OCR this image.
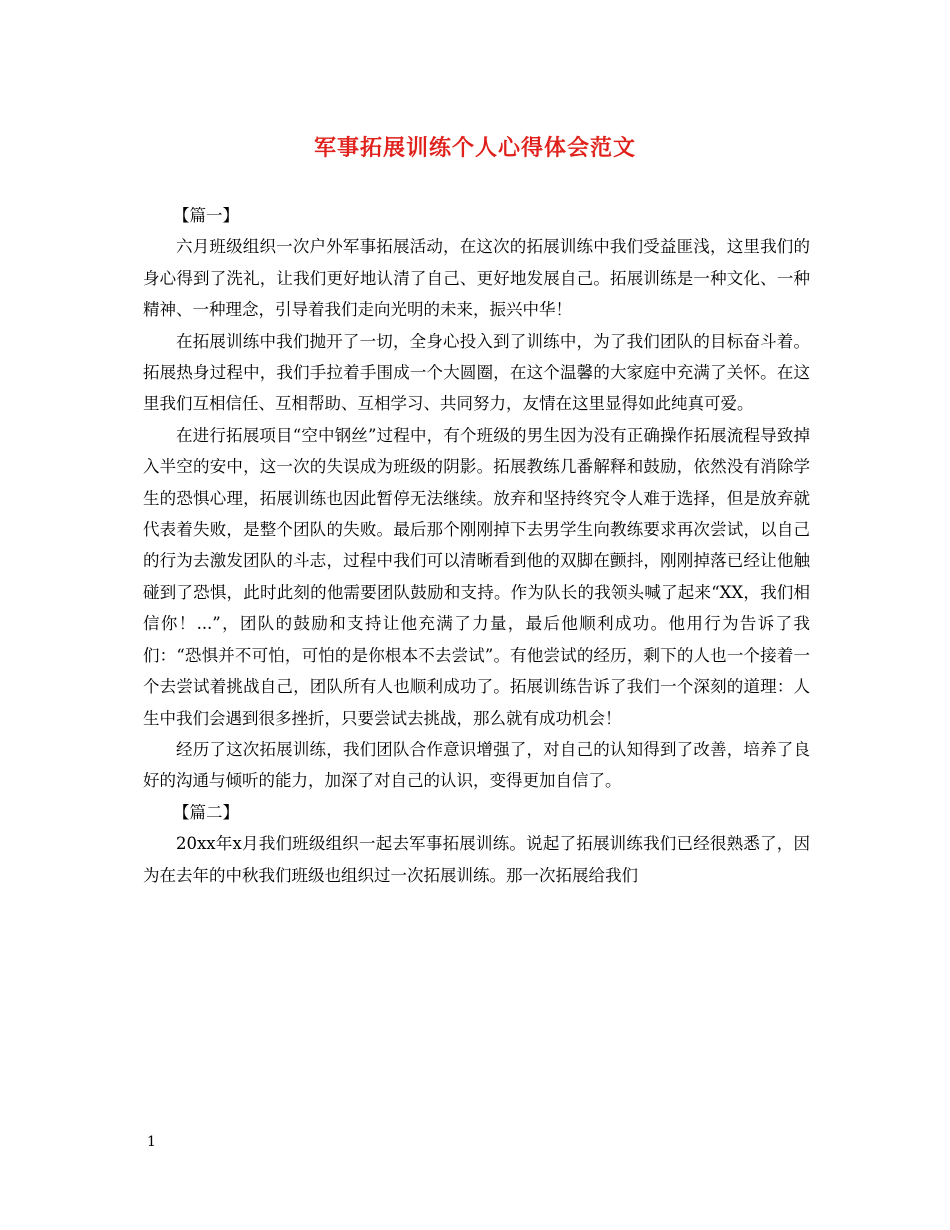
军事拓展训练个人心得体会范文

【篇一】

六月班级组织一次户外军事拓展活动，在这次的拓展训练中我们受益匪浅，这里我们的身心得到了洗礼，让我们更好地认清了自己、更好地发展自己。拓展训练是一种文化、一种精神、一种理念，引导着我们走向光明的未来，振兴中华！

在拓展训练中我们抛开了一切，全身心投入到了训练中，为了我们团队的目标奋斗着。拓展热身过程中，我们手拉着手围成一个大圆圈，在这个温馨的大家庭中充满了关怀。在这里我们互相信任、互相帮助、互相学习、共同努力，友情在这里显得如此纯真可爱。

在进行拓展项目“空中钢丝”过程中，有个班级的男生因为没有正确操作拓展流程导致掉入半空的安中，这一次的失误成为班级的阴影。拓展教练几番解释和鼓励，依然没有消除学生的恐惧心理，拓展训练也因此暂停无法继续。放弃和坚持终究令人难于选择，但是放弃就代表着失败，是整个团队的失败。最后那个刚刚掉下去男学生向教练要求再次尝试，以自己的行为去激发团队的斗志，过程中我们可以清晰看到他的双脚在颤抖，刚刚掉落已经让他触碰到了恐惧，此时此刻的他需要团队鼓励和支持。作为队长的我领头喊了起来“XX，我们相信你！...”，团队的鼓励和支持让他充满了力量，最后他顺利成功。他用行为告诉了我们：“恐惧并不可怕，可怕的是你根本不去尝试”。有他尝试的经历，剩下的人也一个接着一个去尝试着挑战自己，团队所有人也顺利成功了。拓展训练告诉了我们一个深刻的道理：人生中我们会遇到很多挫折，只要尝试去挑战，那么就有成功机会！

经历了这次拓展训练，我们团队合作意识增强了，对自己的认知得到了改善，培养了良好的沟通与倾听的能力，加深了对自己的认识，变得更加自信了。

【篇二】

20xx年x月我们班级组织一起去军事拓展训练。说起了拓展训练我们已经很熟悉了，因为在去年的中秋我们班级也组织过一次拓展训练。那一次拓展给我们

1
